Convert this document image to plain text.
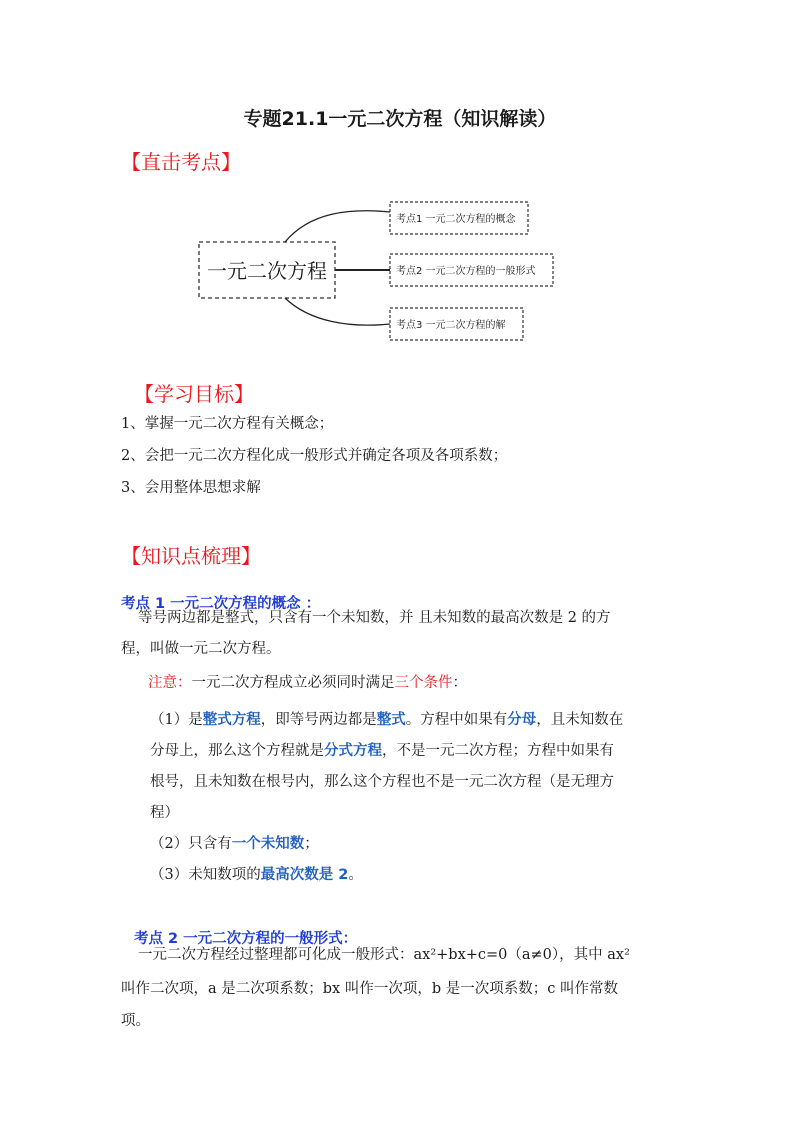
专题21.1一元二次方程（知识解读）
【直击考点】
一元二次方程
考点1 一元二次方程的概念
考点2 一元二次方程的一般形式
考点3 一元二次方程的解
【学习目标】
1、掌握一元二次方程有关概念；
2、会把一元二次方程化成一般形式并确定各项及各项系数；
3、会用整体思想求解
【知识点梳理】
考点 1 一元二次方程的概念 ：
等号两边都是整式，只含有一个未知数，并 且未知数的最高次数是 2 的方
程，叫做一元二次方程。
注意：一元二次方程成立必须同时满足三个条件：
（1）是整式方程，即等号两边都是整式。方程中如果有分母，且未知数在
分母上，那么这个方程就是分式方程，不是一元二次方程；方程中如果有
根号，且未知数在根号内，那么这个方程也不是一元二次方程（是无理方
程）
（2）只含有一个未知数；
（3）未知数项的最高次数是 2。
考点 2 一元二次方程的一般形式：
一元二次方程经过整理都可化成一般形式：ax²+bx+c=0（a≠0），其中 ax²
叫作二次项，a 是二次项系数；bx 叫作一次项，b 是一次项系数；c 叫作常数
项。
